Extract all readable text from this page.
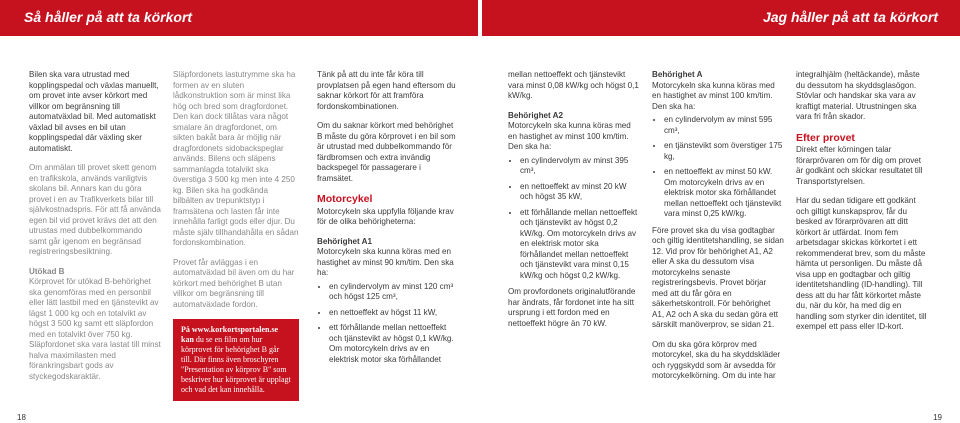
Så håller på att ta körkort	Jag håller på att ta körkort

Bilen ska vara utrustad med kopplingspedal och växlas manuellt, om provet inte avser körkort med villkor om begränsning till automatväxlad bil. Med automatiskt växlad bil avses en bil utan kopplingspedal där växling sker automatiskt.

Om anmälan till provet skett genom en trafikskola, används vanligtvis skolans bil. Annars kan du göra provet i en av Trafikverkets bilar till självkostnadspris. För att få använda egen bil vid provet krävs det att den utrustas med dubbelkommando samt går igenom en begränsad registreringsbesiktning.

Utökad B

Körprovet för utökad B-behörighet ska genomföras med en personbil eller lätt lastbil med en tjänstevikt av lägst 1 000 kg och en totalvikt av högst 3 500 kg samt ett släpfordon med en totalvikt över 750 kg. Släpfordonet ska vara lastat till minst halva maximilasten med förankringsbart gods av styckegodskaraktär.

Släpfordonets lastutrymme ska ha formen av en sluten lådkonstruktion som är minst lika hög och bred som dragfordonet. Den kan dock tillåtas vara något smalare än dragfordonet, om sikten bakåt bara är möjlig när dragfordonets sidobackspeglar används. Bilens och släpens sammanlagda totalvikt ska överstiga 3 500 kg men inte 4 250 kg. Bilen ska ha godkända bilbälten av trepunktstyp i framsätena och lasten får inte innehålla farligt gods eller djur. Du måste själv tillhandahålla en sådan fordonskombination.

Provet får avläggas i en automatväxlad bil även om du har körkort med behörighet B utan villkor om begränsning till automatväxlade fordon.

På www.korkortsportalen.se kan du se en film om hur körprovet för behörighet B går till. Där finns även broschyren "Presentation av körprov B" som beskriver hur körprovet är upplagt och vad det kan innehålla.

Tänk på att du inte får köra till provplatsen på egen hand eftersom du saknar körkort för att framföra fordonskombinationen.

Om du saknar körkort med behörighet B måste du göra körprovet i en bil som är utrustad med dubbelkommando för färdbromsen och extra invändig backspegel för passagerare i framsätet.

Motorcykel

Motorcykeln ska uppfylla följande krav för de olika behörigheterna:

Behörighet A1
Motorcykeln ska kunna köras med en hastighet av minst 90 km/tim. Den ska ha:
• en cylindervolym av minst 120 cm³ och högst 125 cm³,
• en nettoeffekt av högst 11 kW,
• ett förhållande mellan nettoeffekt och tjänstevikt av högst 0,1 kW/kg. Om motorcykeln drivs av en elektrisk motor ska förhållandet

mellan nettoeffekt och tjänstevikt vara minst 0,08 kW/kg och högst 0,1 kW/kg.

Behörighet A2
Motorcykeln ska kunna köras med en hastighet av minst 100 km/tim. Den ska ha:
• en cylindervolym av minst 395 cm³,
• en nettoeffekt av minst 20 kW och högst 35 kW,
• ett förhållande mellan nettoeffekt och tjänstevikt av högst 0,2 kW/kg. Om motorcykeln drivs av en elektrisk motor ska förhållandet mellan nettoeffekt och tjänstevikt vara minst 0,15 kW/kg och högst 0,2 kW/kg.

Om provfordonets originalutförande har ändrats, får fordonet inte ha sitt ursprung i ett fordon med en nettoeffekt högre än 70 kW.

Behörighet A
Motorcykeln ska kunna köras med en hastighet av minst 100 km/tim. Den ska ha:
• en cylindervolym av minst 595 cm³,
• en tjänstevikt som överstiger 175 kg,
• en nettoeffekt av minst 50 kW. Om motorcykeln drivs av en elektrisk motor ska förhållandet mellan nettoeffekt och tjänstevikt vara minst 0,25 kW/kg.

Före provet ska du visa godtagbar och giltig identitetshandling, se sidan 12. Vid prov för behörighet A1, A2 eller A ska du dessutom visa motorcykelns senaste registreringsbevis. Provet börjar med att du får göra en säkerhetskontroll. För behörighet A1, A2 och A ska du sedan göra ett särskilt manöverprov, se sidan 21.

Om du ska göra körprov med motorcykel, ska du ha skyddskläder och ryggskydd som är avsedda för motorcykelkörning. Om du inte har

integralhjälm (heltäckande), måste du dessutom ha skyddsglasögon. Stövlar och handskar ska vara av kraftigt material. Utrustningen ska vara fri från skador.

Efter provet

Direkt efter körningen talar förarprövaren om för dig om provet är godkänt och skickar resultatet till Transportstyrelsen.

Har du sedan tidigare ett godkänt och giltigt kunskapsprov, får du besked av förarprövaren att ditt körkort är utfärdat. Inom fem arbetsdagar skickas körkortet i ett rekommenderat brev, som du måste hämta ut personligen. Du måste då visa upp en godtagbar och giltig identitetshandling (ID-handling). Till dess att du har fått körkortet måste du, när du kör, ha med dig en handling som styrker din identitet, till exempel ett pass eller ID-kort.

18	19
